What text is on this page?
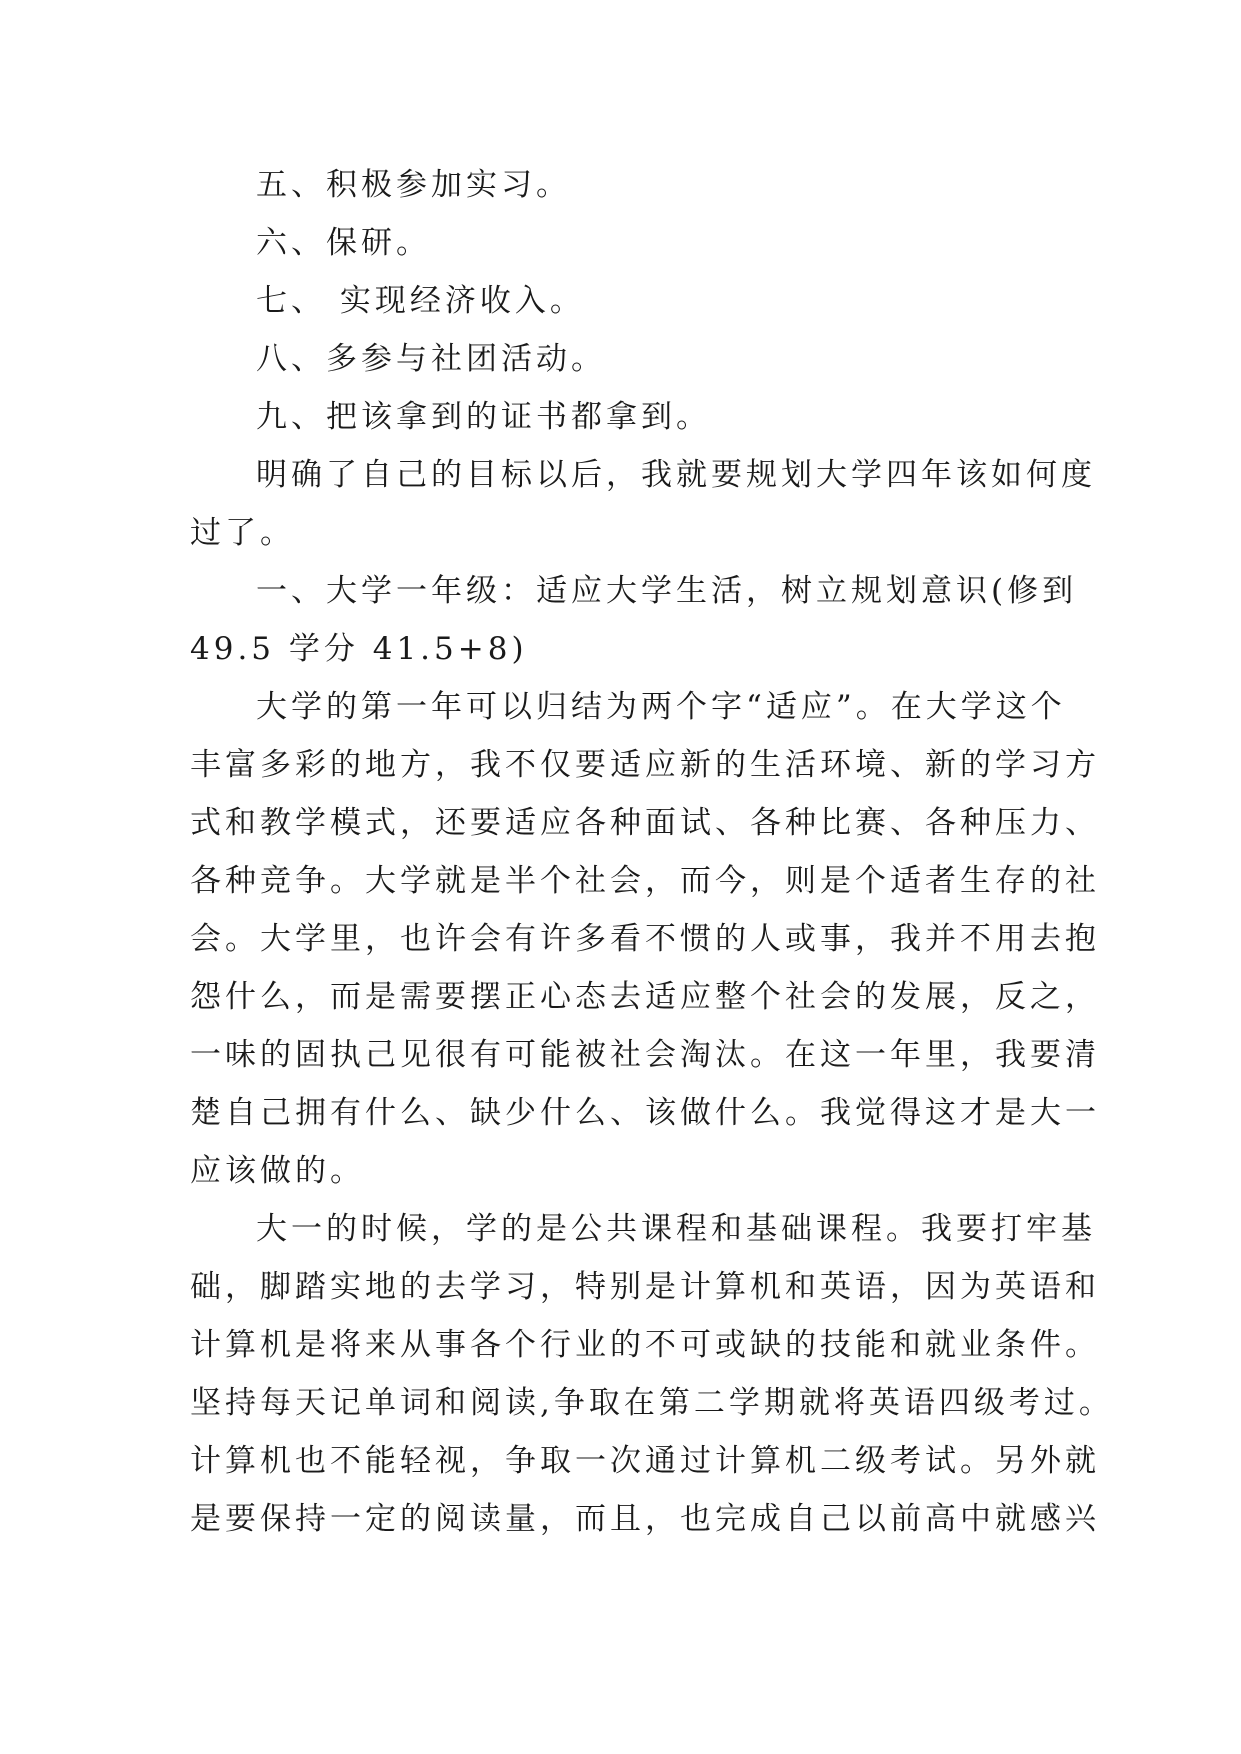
五、积极参加实习。
六、保研。
七、 实现经济收入。
八、多参与社团活动。
九、把该拿到的证书都拿到。
明确了自己的目标以后，我就要规划大学四年该如何度
过了。
一、大学一年级：适应大学生活，树立规划意识(修到
49.5 学分 41.5+8)
大学的第一年可以归结为两个字“适应”。在大学这个
丰富多彩的地方，我不仅要适应新的生活环境、新的学习方
式和教学模式，还要适应各种面试、各种比赛、各种压力、
各种竞争。大学就是半个社会，而今，则是个适者生存的社
会。大学里，也许会有许多看不惯的人或事，我并不用去抱
怨什么，而是需要摆正心态去适应整个社会的发展，反之，
一味的固执己见很有可能被社会淘汰。在这一年里，我要清
楚自己拥有什么、缺少什么、该做什么。我觉得这才是大一
应该做的。
大一的时候，学的是公共课程和基础课程。我要打牢基
础，脚踏实地的去学习，特别是计算机和英语，因为英语和
计算机是将来从事各个行业的不可或缺的技能和就业条件。
坚持每天记单词和阅读,争取在第二学期就将英语四级考过。
计算机也不能轻视，争取一次通过计算机二级考试。另外就
是要保持一定的阅读量，而且，也完成自己以前高中就感兴
